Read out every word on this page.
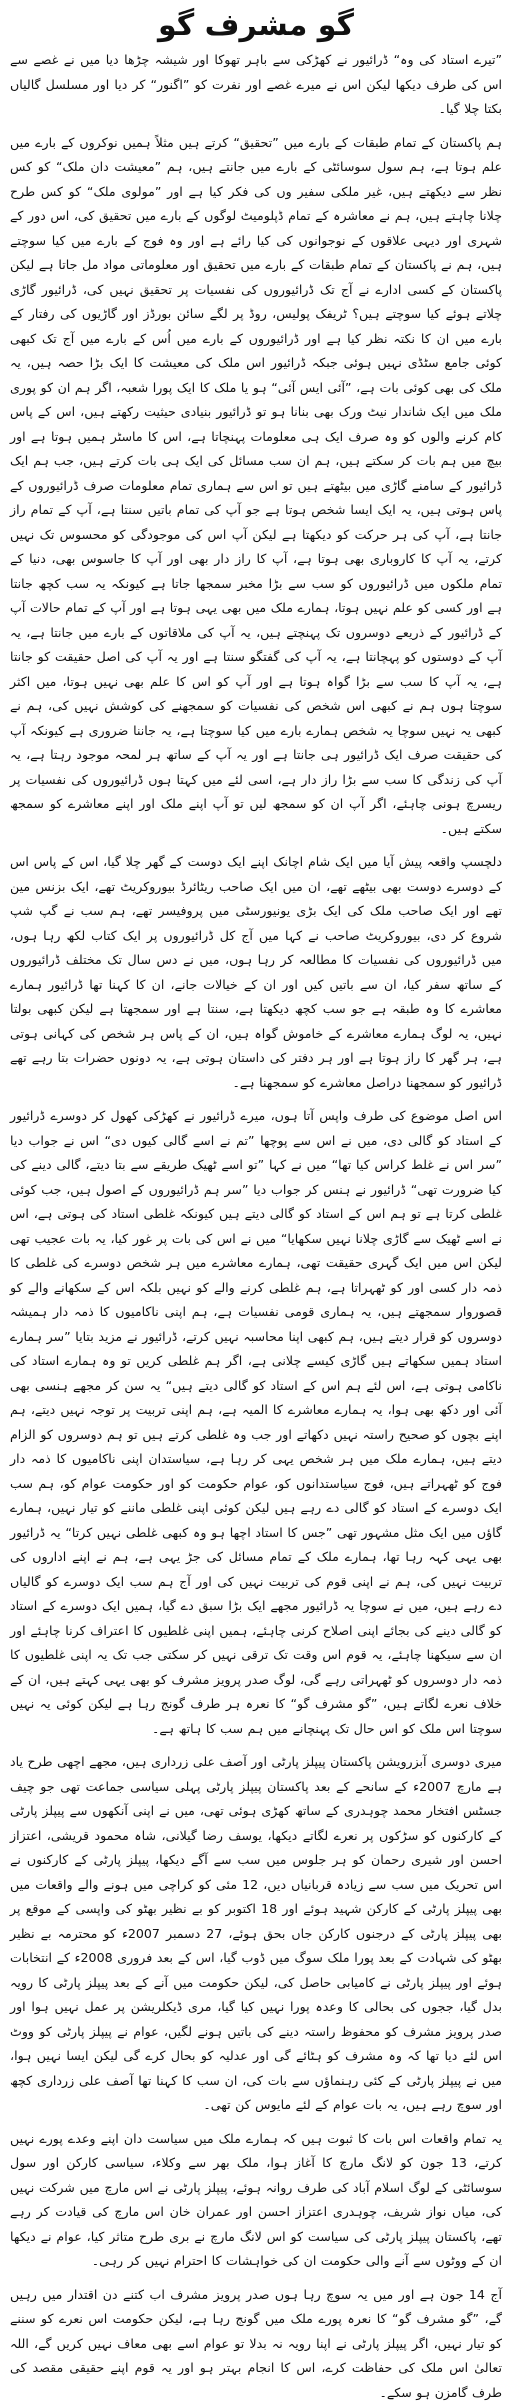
گو مشرف گو

”تیرے استاد کی وہ“ ڈرائیور نے کھڑکی سے باہر تھوکا اور شیشہ چڑھا دیا میں نے غصے سے اس کی طرف دیکھا لیکن اس نے میرے غصے اور نفرت کو ”اگنور“ کر دیا اور مسلسل گالیاں بکتا چلا گیا۔

ہم پاکستان کے تمام طبقات کے بارے میں ”تحقیق“ کرتے ہیں مثلاً ہمیں نوکروں کے بارے میں علم ہوتا ہے، ہم سول سوسائٹی کے بارے میں جانتے ہیں، ہم ”معیشت دان ملک“ کو کس نظر سے دیکھتے ہیں، غیر ملکی سفیر وں کی فکر کیا ہے اور ”مولوی ملک“ کو کس طرح چلانا چاہتے ہیں، ہم نے معاشرہ کے تمام ڈپلومیٹ لوگوں کے بارے میں تحقیق کی، اس دور کے شہری اور دیہی علاقوں کے نوجوانوں کی کیا رائے ہے اور وہ فوج کے بارے میں کیا سوچتے ہیں، ہم نے پاکستان کے تمام طبقات کے بارے میں تحقیق اور معلوماتی مواد مل جاتا ہے لیکن پاکستان کے کسی ادارے نے آج تک ڈرائیوروں کی نفسیات پر تحقیق نہیں کی، ڈرائیور گاڑی چلاتے ہوئے کیا سوچتے ہیں؟ ٹریفک پولیس، روڈ پر لگے سائن بورڈز اور گاڑیوں کی رفتار کے بارے میں ان کا نکتہ نظر کیا ہے اور ڈرائیوروں کے بارے میں اُس کے بارے میں آج تک کبھی کوئی جامع سٹڈی نہیں ہوئی جبکہ ڈرائیور اس ملک کی معیشت کا ایک بڑا حصہ ہیں، یہ ملک کی بھی کوئی بات ہے، ”آئی ایس آئی“ ہو یا ملک کا ایک پورا شعبہ، اگر ہم ان کو پوری ملک میں ایک شاندار نیٹ ورک بھی بنانا ہو تو ڈرائیور بنیادی حیثیت رکھتے ہیں، اس کے پاس کام کرنے والوں کو وہ صرف ایک ہی معلومات پہنچاتا ہے، اس کا ماسٹر ہمیں ہوتا ہے اور بیچ میں ہم بات کر سکتے ہیں، ہم ان سب مسائل کی ایک ہی بات کرتے ہیں، جب ہم ایک ڈرائیور کے سامنے گاڑی میں بیٹھتے ہیں تو اس سے ہماری تمام معلومات صرف ڈرائیوروں کے پاس ہوتی ہیں، یہ ایک ایسا شخص ہوتا ہے جو آپ کی تمام باتیں سنتا ہے، آپ کے تمام راز جانتا ہے، آپ کی ہر حرکت کو دیکھتا ہے لیکن آپ اس کی موجودگی کو محسوس تک نہیں کرتے، یہ آپ کا کاروباری بھی ہوتا ہے، آپ کا راز دار بھی اور آپ کا جاسوس بھی، دنیا کے تمام ملکوں میں ڈرائیوروں کو سب سے بڑا مخبر سمجھا جاتا ہے کیونکہ یہ سب کچھ جانتا ہے اور کسی کو علم نہیں ہوتا، ہمارے ملک میں بھی یہی ہوتا ہے اور آپ کے تمام حالات آپ کے ڈرائیور کے ذریعے دوسروں تک پہنچتے ہیں، یہ آپ کی ملاقاتوں کے بارے میں جانتا ہے، یہ آپ کے دوستوں کو پہچانتا ہے، یہ آپ کی گفتگو سنتا ہے اور یہ آپ کی اصل حقیقت کو جانتا ہے، یہ آپ کا سب سے بڑا گواہ ہوتا ہے اور آپ کو اس کا علم بھی نہیں ہوتا، میں اکثر سوچتا ہوں ہم نے کبھی اس شخص کی نفسیات کو سمجھنے کی کوشش نہیں کی، ہم نے کبھی یہ نہیں سوچا یہ شخص ہمارے بارے میں کیا سوچتا ہے، یہ جاننا ضروری ہے کیونکہ آپ کی حقیقت صرف ایک ڈرائیور ہی جانتا ہے اور یہ آپ کے ساتھ ہر لمحہ موجود رہتا ہے، یہ آپ کی زندگی کا سب سے بڑا راز دار ہے، اسی لئے میں کہتا ہوں ڈرائیوروں کی نفسیات پر ریسرچ ہونی چاہئے، اگر آپ ان کو سمجھ لیں تو آپ اپنے ملک اور اپنے معاشرے کو سمجھ سکتے ہیں۔

دلچسپ واقعہ پیش آیا میں ایک شام اچانک اپنے ایک دوست کے گھر چلا گیا، اس کے پاس اس کے دوسرے دوست بھی بیٹھے تھے، ان میں ایک صاحب ریٹائرڈ بیوروکریٹ تھے، ایک بزنس مین تھے اور ایک صاحب ملک کی ایک بڑی یونیورسٹی میں پروفیسر تھے، ہم سب نے گپ شپ شروع کر دی، بیوروکریٹ صاحب نے کہا میں آج کل ڈرائیوروں پر ایک کتاب لکھ رہا ہوں، میں ڈرائیوروں کی نفسیات کا مطالعہ کر رہا ہوں، میں نے دس سال تک مختلف ڈرائیوروں کے ساتھ سفر کیا، ان سے باتیں کیں اور ان کے خیالات جانے، ان کا کہنا تھا ڈرائیور ہمارے معاشرے کا وہ طبقہ ہے جو سب کچھ دیکھتا ہے، سنتا ہے اور سمجھتا ہے لیکن کبھی بولتا نہیں، یہ لوگ ہمارے معاشرے کے خاموش گواہ ہیں، ان کے پاس ہر شخص کی کہانی ہوتی ہے، ہر گھر کا راز ہوتا ہے اور ہر دفتر کی داستان ہوتی ہے، یہ دونوں حضرات بتا رہے تھے ڈرائیور کو سمجھنا دراصل معاشرے کو سمجھنا ہے۔

اس اصل موضوع کی طرف واپس آتا ہوں، میرے ڈرائیور نے کھڑکی کھول کر دوسرے ڈرائیور کے استاد کو گالی دی، میں نے اس سے پوچھا ”تم نے اسے گالی کیوں دی“ اس نے جواب دیا ”سر اس نے غلط کراس کیا تھا“ میں نے کہا ”تو اسے ٹھیک طریقے سے بتا دیتے، گالی دینے کی کیا ضرورت تھی“ ڈرائیور نے ہنس کر جواب دیا ”سر ہم ڈرائیوروں کے اصول ہیں، جب کوئی غلطی کرتا ہے تو ہم اس کے استاد کو گالی دیتے ہیں کیونکہ غلطی استاد کی ہوتی ہے، اس نے اسے ٹھیک سے گاڑی چلانا نہیں سکھایا“ میں نے اس کی بات پر غور کیا، یہ بات عجیب تھی لیکن اس میں ایک گہری حقیقت تھی، ہمارے معاشرے میں ہر شخص دوسرے کی غلطی کا ذمہ دار کسی اور کو ٹھہراتا ہے، ہم غلطی کرنے والے کو نہیں بلکہ اس کے سکھانے والے کو قصوروار سمجھتے ہیں، یہ ہماری قومی نفسیات ہے، ہم اپنی ناکامیوں کا ذمہ دار ہمیشہ دوسروں کو قرار دیتے ہیں، ہم کبھی اپنا محاسبہ نہیں کرتے، ڈرائیور نے مزید بتایا ”سر ہمارے استاد ہمیں سکھاتے ہیں گاڑی کیسے چلانی ہے، اگر ہم غلطی کریں تو وہ ہمارے استاد کی ناکامی ہوتی ہے، اس لئے ہم اس کے استاد کو گالی دیتے ہیں“ یہ سن کر مجھے ہنسی بھی آئی اور دکھ بھی ہوا، یہ ہمارے معاشرے کا المیہ ہے، ہم اپنی تربیت پر توجہ نہیں دیتے، ہم اپنے بچوں کو صحیح راستہ نہیں دکھاتے اور جب وہ غلطی کرتے ہیں تو ہم دوسروں کو الزام دیتے ہیں، ہمارے ملک میں ہر شخص یہی کر رہا ہے، سیاستدان اپنی ناکامیوں کا ذمہ دار فوج کو ٹھہراتے ہیں، فوج سیاستدانوں کو، عوام حکومت کو اور حکومت عوام کو، ہم سب ایک دوسرے کے استاد کو گالی دے رہے ہیں لیکن کوئی اپنی غلطی ماننے کو تیار نہیں، ہمارے گاؤں میں ایک مثل مشہور تھی ”جس کا استاد اچھا ہو وہ کبھی غلطی نہیں کرتا“ یہ ڈرائیور بھی یہی کہہ رہا تھا، ہمارے ملک کے تمام مسائل کی جڑ یہی ہے، ہم نے اپنے اداروں کی تربیت نہیں کی، ہم نے اپنی قوم کی تربیت نہیں کی اور آج ہم سب ایک دوسرے کو گالیاں دے رہے ہیں، میں نے سوچا یہ ڈرائیور مجھے ایک بڑا سبق دے گیا، ہمیں ایک دوسرے کے استاد کو گالی دینے کی بجائے اپنی اصلاح کرنی چاہئے، ہمیں اپنی غلطیوں کا اعتراف کرنا چاہئے اور ان سے سیکھنا چاہئے، یہ قوم اس وقت تک ترقی نہیں کر سکتی جب تک یہ اپنی غلطیوں کا ذمہ دار دوسروں کو ٹھہراتی رہے گی، لوگ صدر پرویز مشرف کو بھی یہی کہتے ہیں، ان کے خلاف نعرے لگاتے ہیں، ”گو مشرف گو“ کا نعرہ ہر طرف گونج رہا ہے لیکن کوئی یہ نہیں سوچتا اس ملک کو اس حال تک پہنچانے میں ہم سب کا ہاتھ ہے۔

میری دوسری آبزرویشن پاکستان پیپلز پارٹی اور آصف علی زرداری ہیں، مجھے اچھی طرح یاد ہے مارچ 2007ء کے سانحے کے بعد پاکستان پیپلز پارٹی پہلی سیاسی جماعت تھی جو چیف جسٹس افتخار محمد چوہدری کے ساتھ کھڑی ہوئی تھی، میں نے اپنی آنکھوں سے پیپلز پارٹی کے کارکنوں کو سڑکوں پر نعرے لگاتے دیکھا، یوسف رضا گیلانی، شاہ محمود قریشی، اعتزاز احسن اور شیری رحمان کو ہر جلوس میں سب سے آگے دیکھا، پیپلز پارٹی کے کارکنوں نے اس تحریک میں سب سے زیادہ قربانیاں دیں، 12 مئی کو کراچی میں ہونے والے واقعات میں بھی پیپلز پارٹی کے کارکن شہید ہوئے اور 18 اکتوبر کو بے نظیر بھٹو کی واپسی کے موقع پر بھی پیپلز پارٹی کے درجنوں کارکن جاں بحق ہوئے، 27 دسمبر 2007ء کو محترمہ بے نظیر بھٹو کی شہادت کے بعد پورا ملک سوگ میں ڈوب گیا، اس کے بعد فروری 2008ء کے انتخابات ہوئے اور پیپلز پارٹی نے کامیابی حاصل کی، لیکن حکومت میں آنے کے بعد پیپلز پارٹی کا رویہ بدل گیا، ججوں کی بحالی کا وعدہ پورا نہیں کیا گیا، مری ڈیکلریشن پر عمل نہیں ہوا اور صدر پرویز مشرف کو محفوظ راستہ دینے کی باتیں ہونے لگیں، عوام نے پیپلز پارٹی کو ووٹ اس لئے دیا تھا کہ وہ مشرف کو ہٹائے گی اور عدلیہ کو بحال کرے گی لیکن ایسا نہیں ہوا، میں نے پیپلز پارٹی کے کئی رہنماؤں سے بات کی، ان سب کا کہنا تھا آصف علی زرداری کچھ اور سوچ رہے ہیں، یہ بات عوام کے لئے مایوس کن تھی۔

یہ تمام واقعات اس بات کا ثبوت ہیں کہ ہمارے ملک میں سیاست دان اپنے وعدے پورے نہیں کرتے، 13 جون کو لانگ مارچ کا آغاز ہوا، ملک بھر سے وکلاء، سیاسی کارکن اور سول سوسائٹی کے لوگ اسلام آباد کی طرف روانہ ہوئے، پیپلز پارٹی نے اس مارچ میں شرکت نہیں کی، میاں نواز شریف، چوہدری اعتزاز احسن اور عمران خان اس مارچ کی قیادت کر رہے تھے، پاکستان پیپلز پارٹی کی سیاست کو اس لانگ مارچ نے بری طرح متاثر کیا، عوام نے دیکھا ان کے ووٹوں سے آنے والی حکومت ان کی خواہشات کا احترام نہیں کر رہی۔

آج 14 جون ہے اور میں یہ سوچ رہا ہوں صدر پرویز مشرف اب کتنے دن اقتدار میں رہیں گے، ”گو مشرف گو“ کا نعرہ پورے ملک میں گونج رہا ہے، لیکن حکومت اس نعرے کو سننے کو تیار نہیں، اگر پیپلز پارٹی نے اپنا رویہ نہ بدلا تو عوام اسے بھی معاف نہیں کریں گے، اللہ تعالیٰ اس ملک کی حفاظت کرے، اس کا انجام بہتر ہو اور یہ قوم اپنے حقیقی مقصد کی طرف گامزن ہو سکے۔
